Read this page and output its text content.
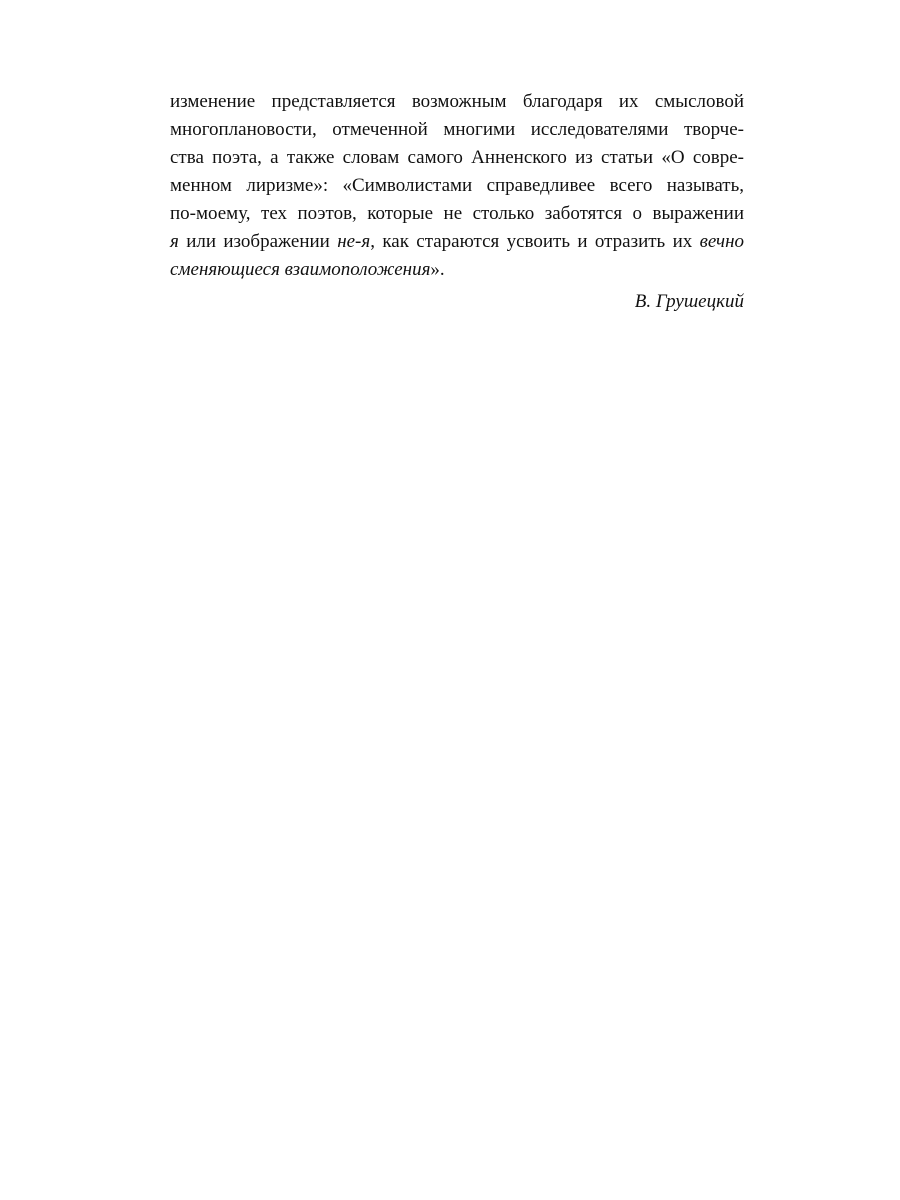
изменение представляется возможным благодаря их смысловой
многоплановости, отмеченной многими исследователями творче-
ства поэта, а также словам самого Анненского из статьи «О совре-
менном лиризме»: «Символистами справедливее всего называть,
по-моему, тех поэтов, которые не столько заботятся о выражении
я или изображении не-я, как стараются усвоить и отразить их вечно
сменяющиеся взаимоположения».
В. Грушецкий
